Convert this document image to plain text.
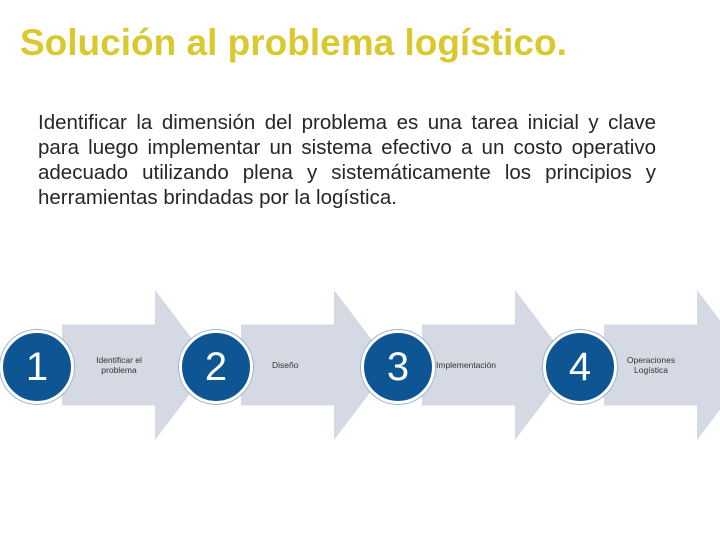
Solución al problema logístico.

Identificar la dimensión del problema es una tarea inicial y clave para luego implementar un sistema efectivo a un costo operativo adecuado utilizando plena y sistemáticamente los principios y herramientas brindadas por la logística.

Identificar el problema
1	Diseño
2	Implementación
3	Operaciones Logística
4
